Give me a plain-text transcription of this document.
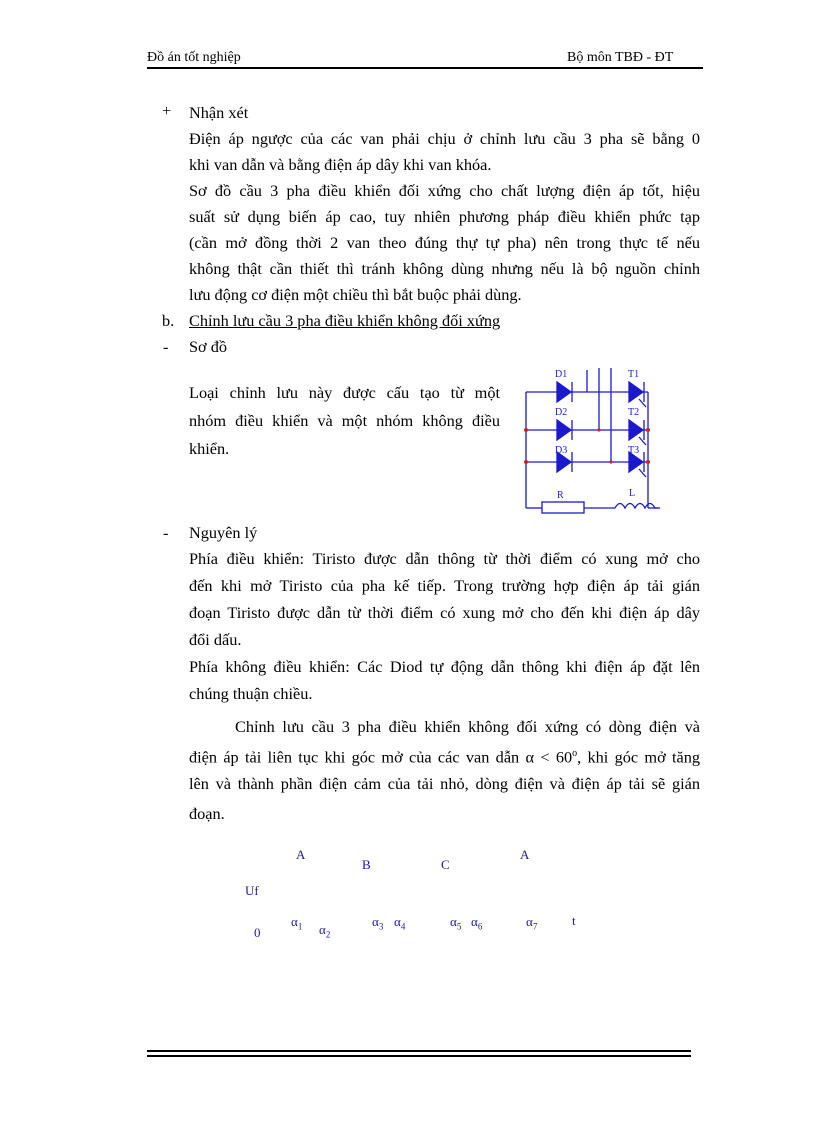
Đồ án tốt nghiệp	Bộ môn TBĐ - ĐT
+ Nhận xét
Điện áp ngược của các van phải chịu ở chỉnh lưu cầu 3 pha sẽ bằng 0
khi van dẫn và bằng điện áp dây khi van khóa.
Sơ đồ cầu 3 pha điều khiển đối xứng cho chất lượng điện áp tốt, hiệu
suất sử dụng biến áp cao, tuy nhiên phương pháp điều khiển phức tạp
(cần mở đồng thời 2 van theo đúng thự tự pha) nên trong thực tế nếu
không thật cần thiết thì tránh không dùng nhưng nếu là bộ nguồn chỉnh
lưu động cơ điện một chiều thì bắt buộc phải dùng.
b. Chỉnh lưu cầu 3 pha điều khiển không đối xứng
- Sơ đồ
Loại chỉnh lưu này được cấu tạo từ một
nhóm điều khiển và một nhóm không điều
khiển.
D1
D2
D3
T1
T2
T3
R	L
- Nguyên lý
Phía điều khiển: Tiristo được dẫn thông từ thời điểm có xung mở cho
đến khi mở Tiristo của pha kế tiếp. Trong trường hợp điện áp tải gián
đoạn Tiristo được dẫn từ thời điểm có xung mở cho đến khi điện áp dây
đổi dấu.
Phía không điều khiển: Các Diod tự động dẫn thông khi điện áp đặt lên
chúng thuận chiều.
Chỉnh lưu cầu 3 pha điều khiển không đối xứng có dòng điện và
điện áp tải liên tục khi góc mở của các van dẫn $\alpha < 60^o$, khi góc mở tăng
lên và thành phần điện cảm của tải nhỏ, dòng điện và điện áp tải sẽ gián
đoạn.
A
B	C
A
Uf
0
t
$\alpha_1$ $\alpha_2$
$\alpha_3$ $\alpha_4$	$\alpha_5$ $\alpha_6$	$\alpha_7$
